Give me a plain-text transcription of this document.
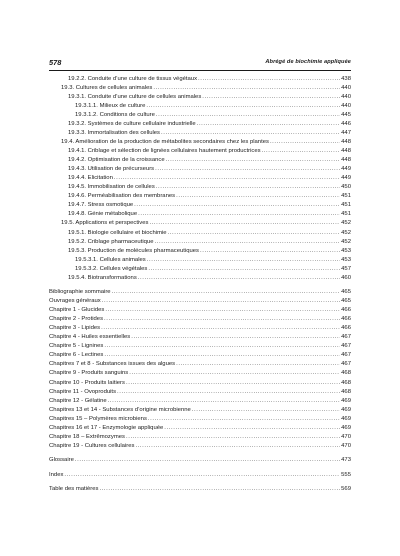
578	Abrégé de biochimie appliquée
19.2.2. Conduite d’une culture de tissus végétaux .....	438
19.3. Cultures de cellules animales .....	440
19.3.1. Conduite d’une culture de cellules animales .....	440
19.3.1.1. Milieux de culture .....	440
19.3.1.2. Conditions de culture .....	445
19.3.2. Systèmes de culture cellulaire industrielle .....	446
19.3.3. Immortalisation des cellules .....	447
19.4. Amélioration de la production de métabolites secondaires chez les plantes .....	448
19.4.1. Criblage et sélection de lignées cellulaires hautement productrices .....	448
19.4.2. Optimisation de la croissance .....	448
19.4.3. Utilisation de précurseurs .....	449
19.4.4. Elicitation .....	449
19.4.5. Immobilisation de cellules .....	450
19.4.6. Perméabilisation des membranes .....	451
19.4.7. Stress osmotique .....	451
19.4.8. Génie métabolique .....	451
19.5. Applications et perspectives .....	452
19.5.1. Biologie cellulaire et biochimie .....	452
19.5.2. Criblage pharmaceutique .....	452
19.5.3. Production de molécules pharmaceutiques .....	453
19.5.3.1. Cellules animales .....	453
19.5.3.2. Cellules végétales .....	457
19.5.4. Biotransformations .....	460
Bibliographie sommaire .....	465
Ouvrages généraux .....	465
Chapitre 1 - Glucides .....	466
Chapitre 2 - Protides .....	466
Chapitre 3 - Lipides .....	466
Chapitre 4 - Huiles essentielles .....	467
Chapitre 5 - Lignines .....	467
Chapitre 6 - Lectines .....	467
Chapitres 7 et 8 - Substances issues des algues .....	467
Chapitre 9 - Produits sanguins .....	468
Chapitre 10 - Produits laitiers .....	468
Chapitre 11 - Ovoproduits .....	468
Chapitre 12 - Gélatine .....	469
Chapitres 13 et 14 - Substances d’origine microbienne .....	469
Chapitres 15 – Polymères microbiens .....	469
Chapitres 16 et 17 - Enzymologie appliquée .....	469
Chapitre 18 – Extrêmozymes .....	470
Chapitre 19 - Cultures cellulaires .....	470
Glossaire .....	473
Index .....	555
Table des matières .....	569
